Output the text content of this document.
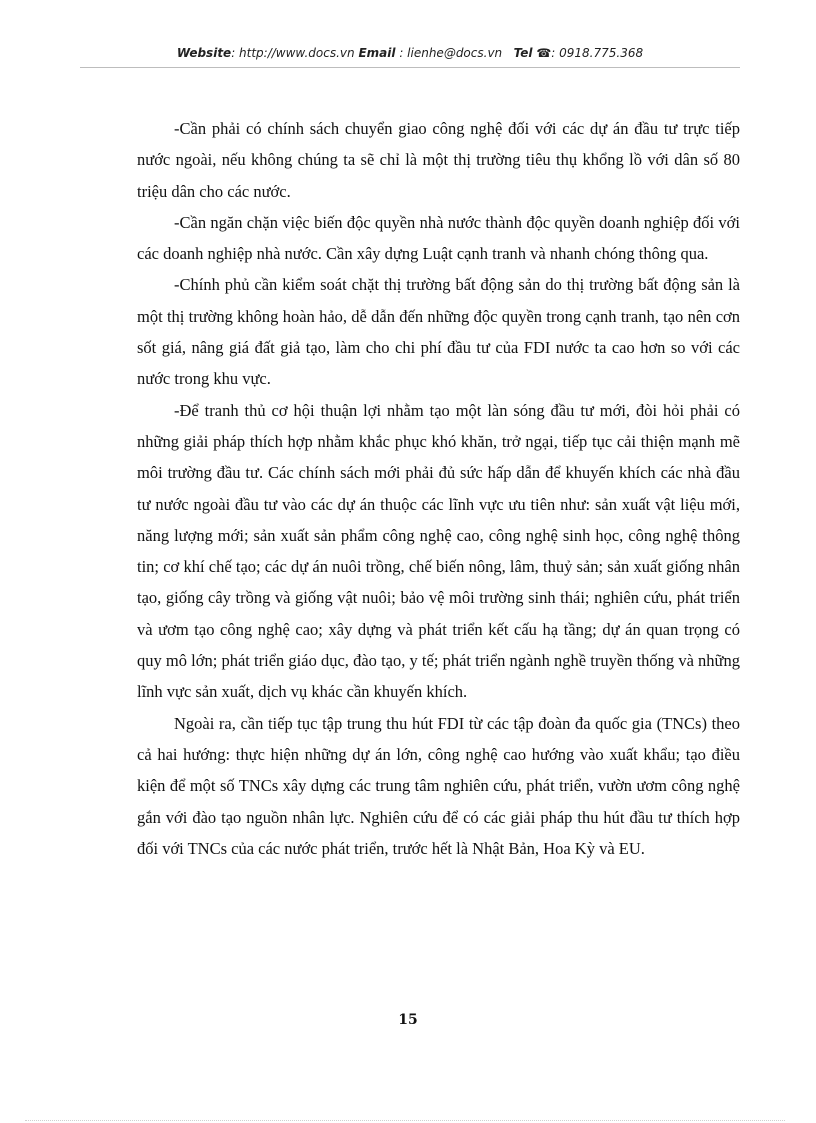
Website: http://www.docs.vn Email : lienhe@docs.vn Tel ☎: 0918.775.368

-Cần phải có chính sách chuyển giao công nghệ đối với các dự án đầu tư trực tiếp nước ngoài, nếu không chúng ta sẽ chỉ là một thị trường tiêu thụ khổng lồ với dân số 80 triệu dân cho các nước.

-Cần ngăn chặn việc biến độc quyền nhà nước thành độc quyền doanh nghiệp đối với các doanh nghiệp nhà nước. Cần xây dựng Luật cạnh tranh và nhanh chóng thông qua.

-Chính phủ cần kiểm soát chặt thị trường bất động sản do thị trường bất động sản là một thị trường không hoàn hảo, dễ dẫn đến những độc quyền trong cạnh tranh, tạo nên cơn sốt giá, nâng giá đất giả tạo, làm cho chi phí đầu tư của FDI nước ta cao hơn so với các nước trong khu vực.

-Để tranh thủ cơ hội thuận lợi nhằm tạo một làn sóng đầu tư mới, đòi hỏi phải có những giải pháp thích hợp nhằm khắc phục khó khăn, trở ngại, tiếp tục cải thiện mạnh mẽ môi trường đầu tư. Các chính sách mới phải đủ sức hấp dẫn để khuyến khích các nhà đầu tư nước ngoài đầu tư vào các dự án thuộc các lĩnh vực ưu tiên như: sản xuất vật liệu mới, năng lượng mới; sản xuất sản phẩm công nghệ cao, công nghệ sinh học, công nghệ thông tin; cơ khí chế tạo; các dự án nuôi trồng, chế biến nông, lâm, thuỷ sản; sản xuất giống nhân tạo, giống cây trồng và giống vật nuôi; bảo vệ môi trường sinh thái; nghiên cứu, phát triển và ươm tạo công nghệ cao; xây dựng và phát triển kết cấu hạ tầng; dự án quan trọng có quy mô lớn; phát triển giáo dục, đào tạo, y tế; phát triển ngành nghề truyền thống và những lĩnh vực sản xuất, dịch vụ khác cần khuyến khích.

Ngoài ra, cần tiếp tục tập trung thu hút FDI từ các tập đoàn đa quốc gia (TNCs) theo cả hai hướng: thực hiện những dự án lớn, công nghệ cao hướng vào xuất khẩu; tạo điều kiện để một số TNCs xây dựng các trung tâm nghiên cứu, phát triển, vườn ươm công nghệ gắn với đào tạo nguồn nhân lực. Nghiên cứu để có các giải pháp thu hút đầu tư thích hợp đối với TNCs của các nước phát triển, trước hết là Nhật Bản, Hoa Kỳ và EU.

15
